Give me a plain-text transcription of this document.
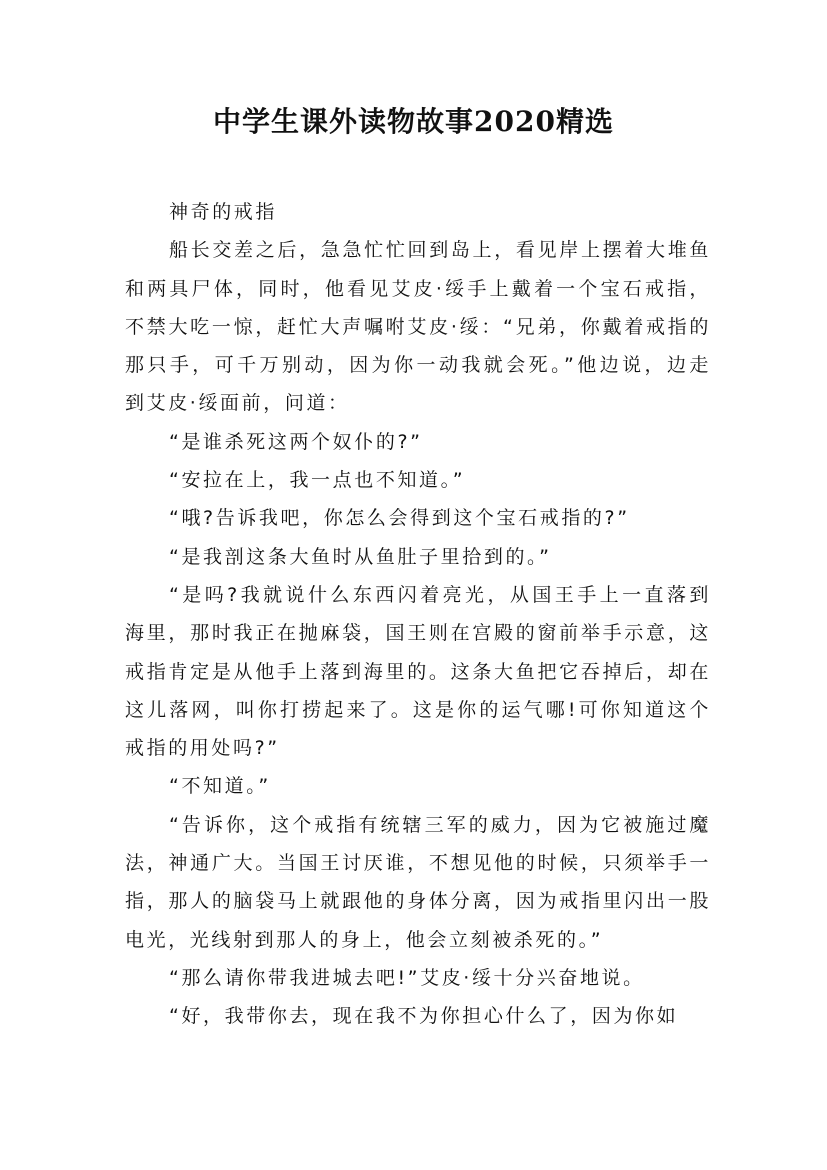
中学生课外读物故事2020精选

神奇的戒指

船长交差之后，急急忙忙回到岛上，看见岸上摆着大堆鱼和两具尸体，同时，他看见艾皮·绥手上戴着一个宝石戒指，不禁大吃一惊，赶忙大声嘱咐艾皮·绥：“兄弟，你戴着戒指的那只手，可千万别动，因为你一动我就会死。”他边说，边走到艾皮·绥面前，问道：

“是谁杀死这两个奴仆的?”

“安拉在上，我一点也不知道。”

“哦?告诉我吧，你怎么会得到这个宝石戒指的?”

“是我剖这条大鱼时从鱼肚子里拾到的。”

“是吗?我就说什么东西闪着亮光，从国王手上一直落到海里，那时我正在抛麻袋，国王则在宫殿的窗前举手示意，这戒指肯定是从他手上落到海里的。这条大鱼把它吞掉后，却在这儿落网，叫你打捞起来了。这是你的运气哪!可你知道这个戒指的用处吗?”

“不知道。”

“告诉你，这个戒指有统辖三军的威力，因为它被施过魔法，神通广大。当国王讨厌谁，不想见他的时候，只须举手一指，那人的脑袋马上就跟他的身体分离，因为戒指里闪出一股电光，光线射到那人的身上，他会立刻被杀死的。”

“那么请你带我进城去吧!”艾皮·绥十分兴奋地说。

“好，我带你去，现在我不为你担心什么了，因为你如
